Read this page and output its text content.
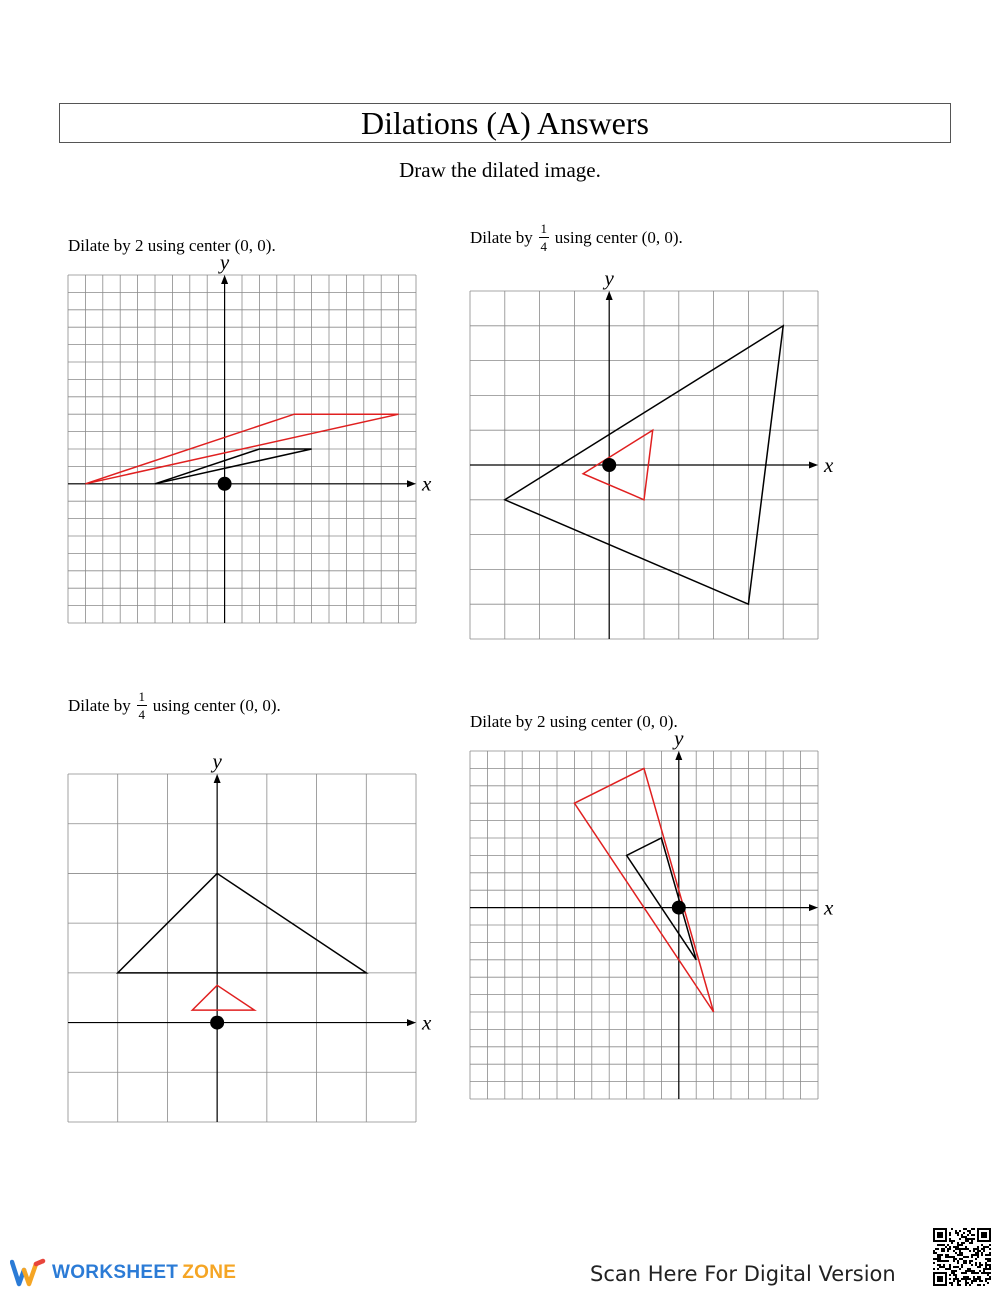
Dilations (A) Answers
Draw the dilated image.
Dilate by 2 using center (0, 0).
x
y
Dilate by $\frac{1}{4}$ using center (0, 0).
x
y
Dilate by $\frac{1}{4}$ using center (0, 0).
x
y
Dilate by 2 using center (0, 0).
x
y
WORKSHEET ZONE	Scan Here For Digital Version
